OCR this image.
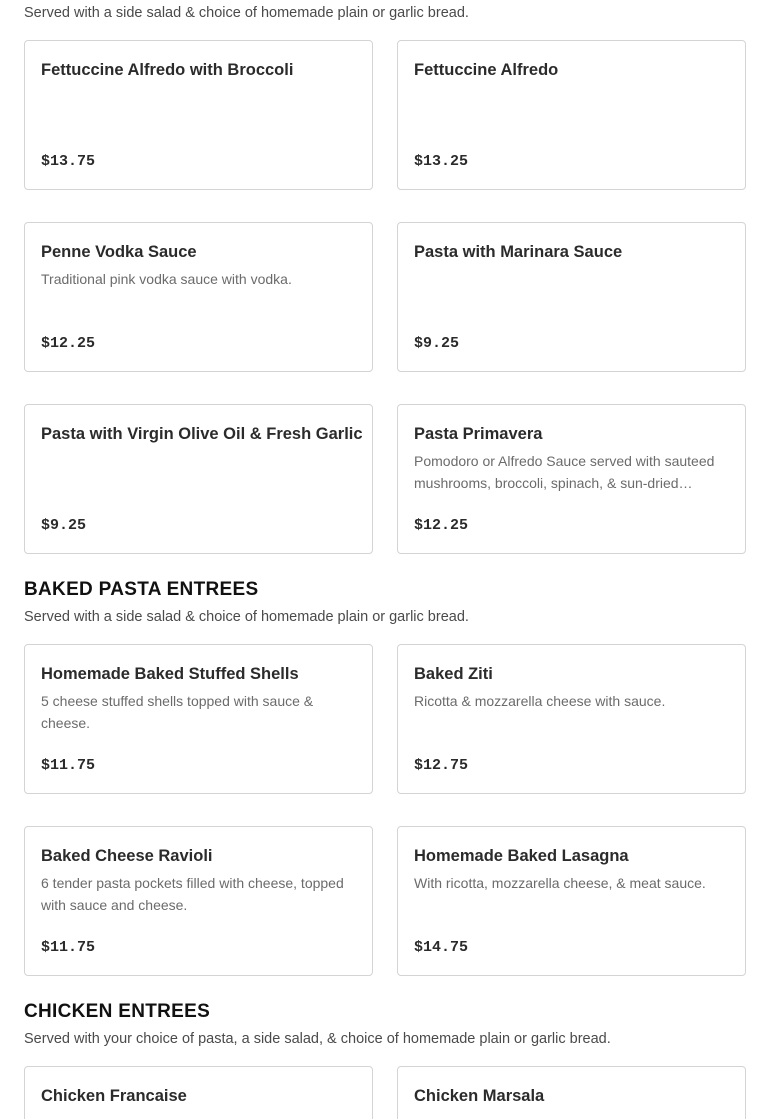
Served with a side salad & choice of homemade plain or garlic bread.
Fettuccine Alfredo with Broccoli
$13.75
Fettuccine Alfredo
$13.25
Penne Vodka Sauce
Traditional pink vodka sauce with vodka.
$12.25
Pasta with Marinara Sauce
$9.25
Pasta with Virgin Olive Oil & Fresh Garlic
$9.25
Pasta Primavera
Pomodoro or Alfredo Sauce served with sauteed mushrooms, broccoli, spinach, & sun-dried…
$12.25
BAKED PASTA ENTREES
Served with a side salad & choice of homemade plain or garlic bread.
Homemade Baked Stuffed Shells
5 cheese stuffed shells topped with sauce & cheese.
$11.75
Baked Ziti
Ricotta & mozzarella cheese with sauce.
$12.75
Baked Cheese Ravioli
6 tender pasta pockets filled with cheese, topped with sauce and cheese.
$11.75
Homemade Baked Lasagna
With ricotta, mozzarella cheese, & meat sauce.
$14.75
CHICKEN ENTREES
Served with your choice of pasta, a side salad, & choice of homemade plain or garlic bread.
Chicken Francaise	Chicken Marsala
